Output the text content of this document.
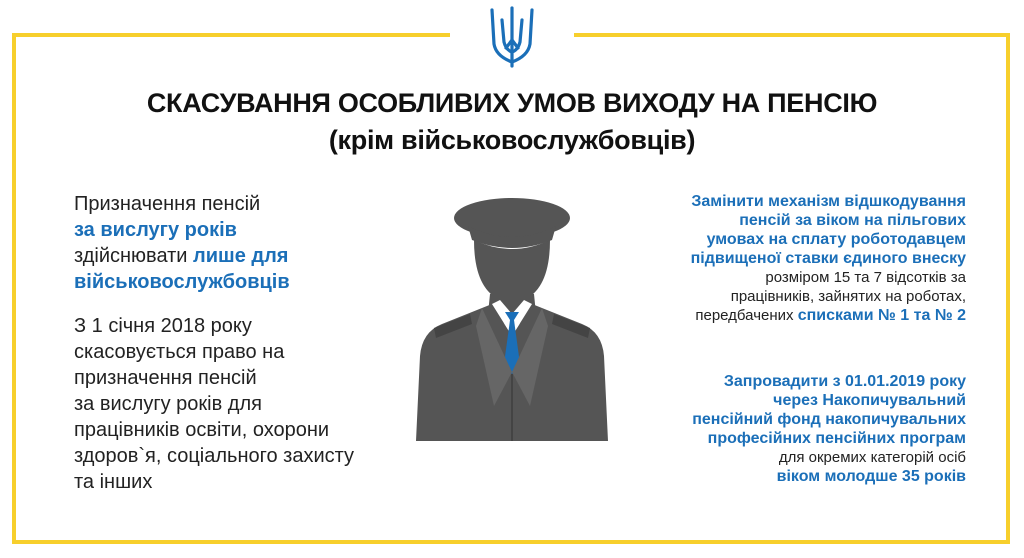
СКАСУВАННЯ ОСОБЛИВИХ УМОВ ВИХОДУ НА ПЕНСІЮ
(крім військовослужбовців)
Призначення пенсій
за вислугу років
здійснювати лише для
військовослужбовців
З 1 січня 2018 року
скасовується право на
призначення пенсій
за вислугу років для
працівників освіти, охорони
здоров`я, соціального захисту
та інших
Замінити механізм відшкодування
пенсій за віком на пільгових
умовах на сплату роботодавцем
підвищеної ставки єдиного внеску
розміром 15 та 7 відсотків за
працівників, зайнятих на роботах,
передбачених списками № 1 та № 2
Запровадити з 01.01.2019 року
через Накопичувальний
пенсійний фонд накопичувальних
професійних пенсійних програм
для окремих категорій осіб
віком молодше 35 років
